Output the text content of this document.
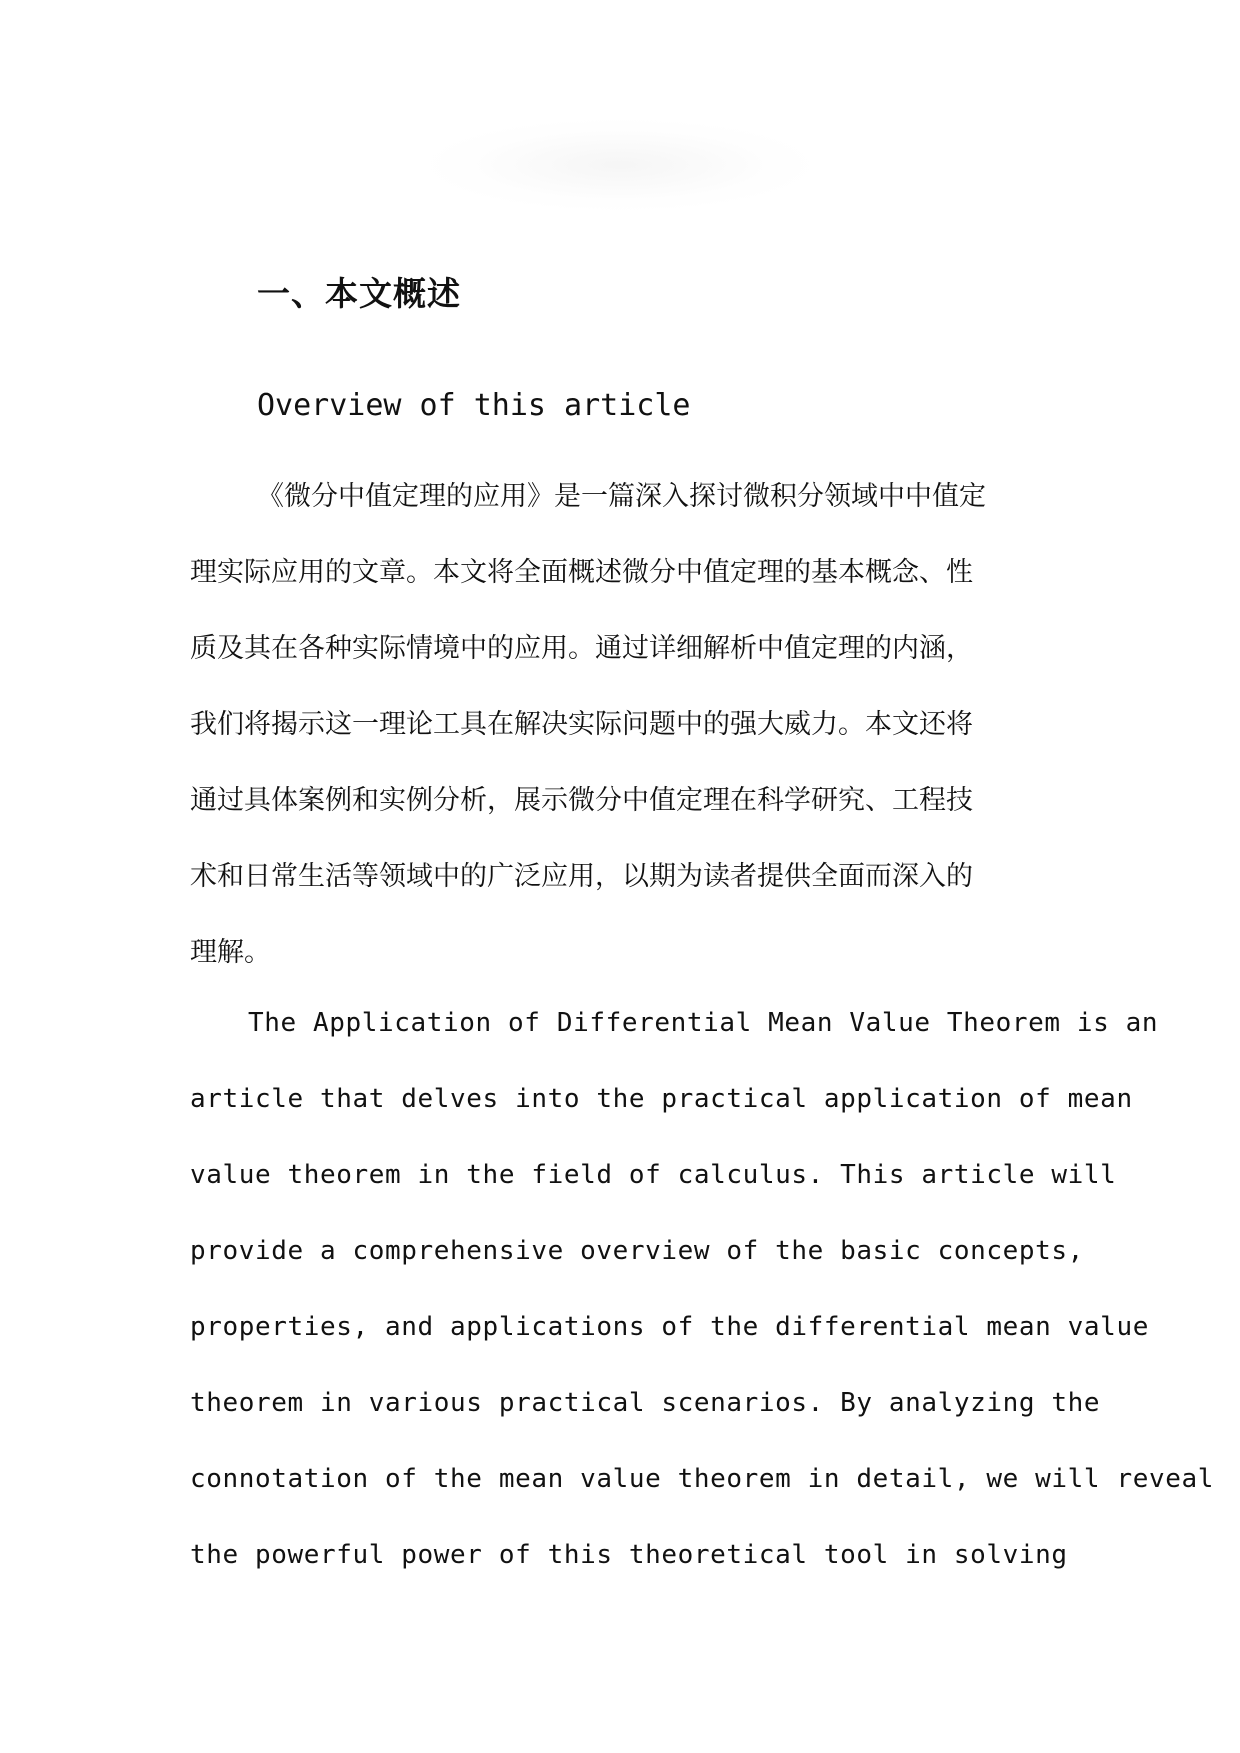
一、本文概述
Overview of this article
《微分中值定理的应用》是一篇深入探讨微积分领域中中值定
理实际应用的文章。本文将全面概述微分中值定理的基本概念、性
质及其在各种实际情境中的应用。通过详细解析中值定理的内涵，
我们将揭示这一理论工具在解决实际问题中的强大威力。本文还将
通过具体案例和实例分析，展示微分中值定理在科学研究、工程技
术和日常生活等领域中的广泛应用，以期为读者提供全面而深入的
理解。
The Application of Differential Mean Value Theorem is an
article that delves into the practical application of mean
value theorem in the field of calculus. This article will
provide a comprehensive overview of the basic concepts,
properties, and applications of the differential mean value
theorem in various practical scenarios. By analyzing the
connotation of the mean value theorem in detail, we will reveal
the powerful power of this theoretical tool in solving
